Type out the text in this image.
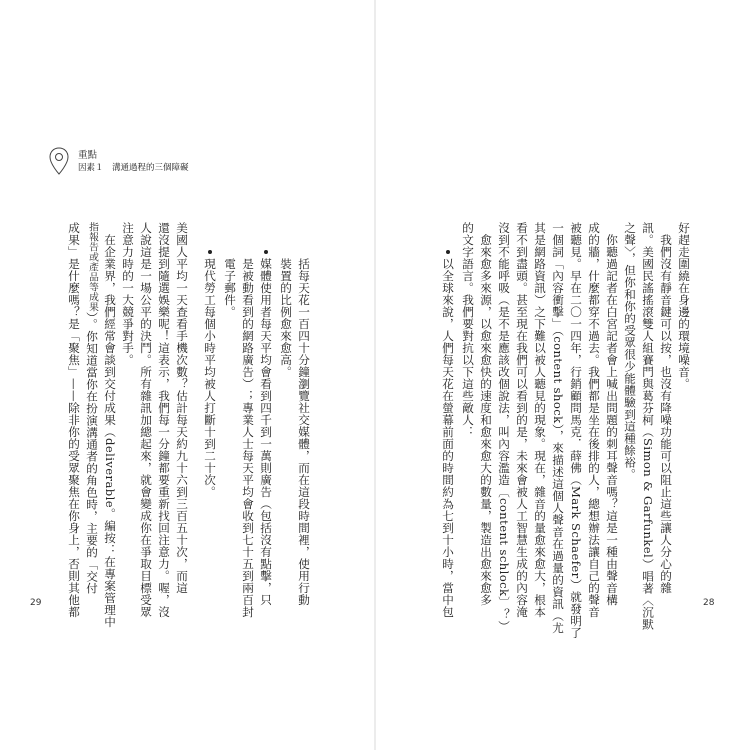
好趕走圍繞在身邊的環境噪音。
　我們沒有靜音鍵可以按，也沒有降噪功能可以阻止這些讓人分心的雜
訊。美國民謠搖滾雙人組賽門與葛芬柯（Simon & Garfunkel）唱著〈沉默
之聲〉，但你和你的受眾很少能體驗到這種餘裕。
　你聽過記者在白宮記者會上喊出問題的刺耳聲音嗎？這是一種由聲音構
成的牆，什麼都穿不過去。我們都是坐在後排的人，總想辦法讓自己的聲音
被聽見。早在二〇一四年，行銷顧問馬克．薛佛（Mark Schaefer）就發明了
一個詞「內容衝擊」（content shock），來描述這個人聲音在過量的資訊（尤
其是網路資訊）之下難以被人聽見的現象。現在，雜音的量愈來愈大，根本
看不到盡頭。甚至現在我們可以看到的是，未來會被人工智慧生成的內容淹
沒到不能呼吸（是不是應該改個說法，叫內容濫造〔content schlock〕？）
　愈來愈多來源，以愈來愈快的速度和愈來愈大的數量，製造出愈來愈多
的文字語言。我們要對抗以下這些敵人：
以全球來說，人們每天花在螢幕前面的時間約為七到十小時，當中包
括每天花一百四十分鐘瀏覽社交媒體，而在這段時間裡，使用行動
裝置的比例愈來愈高。
媒體使用者每天平均會看到四千到一萬則廣告（包括沒有點擊，只
是被動看到的網路廣告）；專業人士每天平均會收到七十五到兩百封
電子郵件。
現代勞工每個小時平均被人打斷十到二十次。
美國人平均一天查看手機次數？估計每天約九十六到三百五十次，而這
還沒提到隨選娛樂呢！這表示，我們每一分鐘都要重新找回注意力。喔，沒
人說這是一場公平的決鬥。所有雜訊加總起來，就會變成你在爭取目標受眾
注意力時的一大競爭對手。
　在企業界，我們經常會談到交付成果（deliverable。編按：在專案管理中
指報告或產品等成果）。你知道當你在扮演溝通者的角色時，主要的「交付
成果」是什麼嗎？是「聚焦」——除非你的受眾聚焦在你身上，否則其他都
重點
因素１　溝通過程的三個障礙
29	28
